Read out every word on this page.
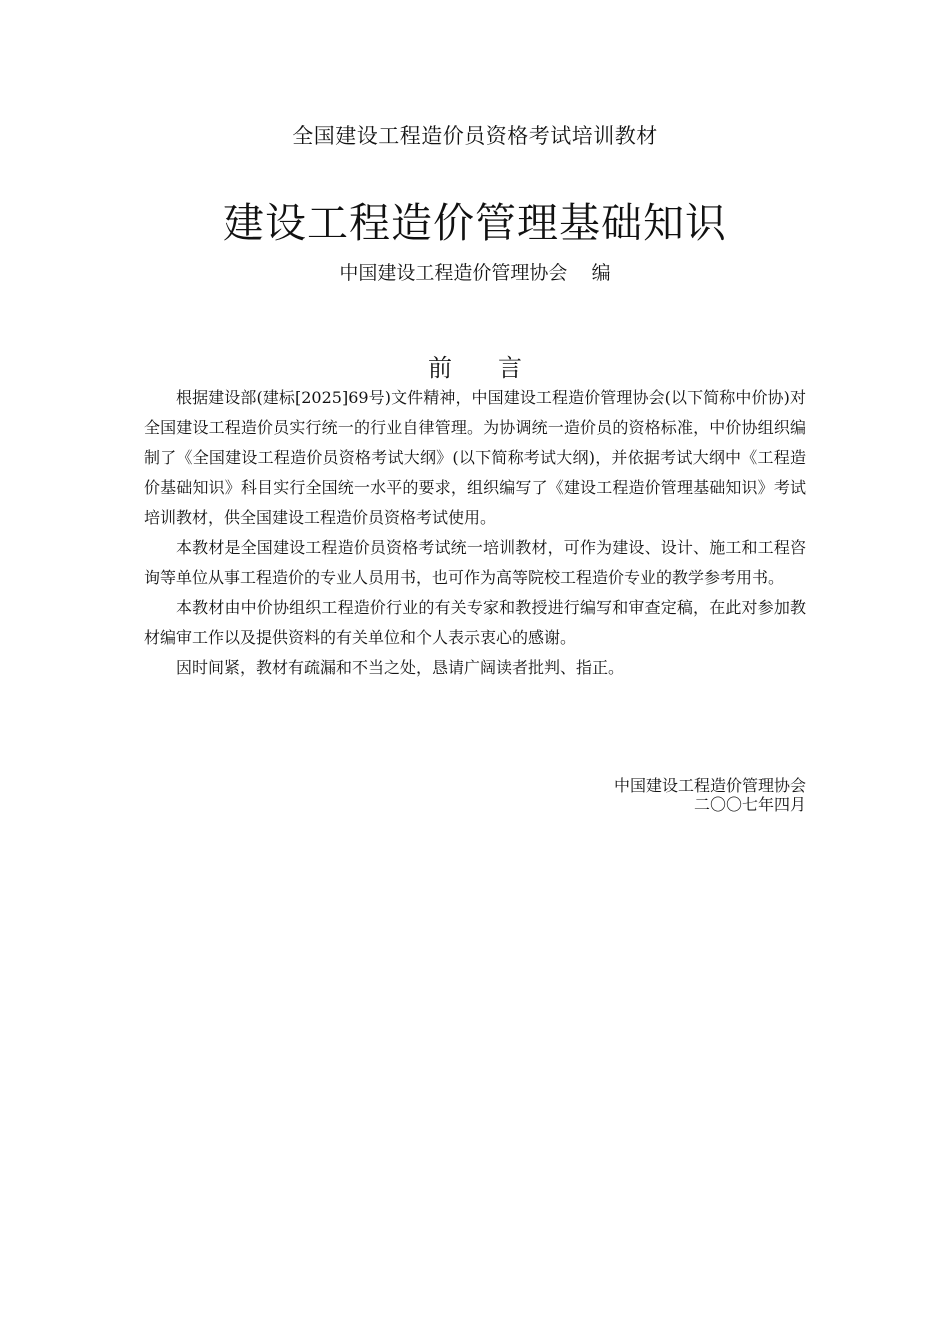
全国建设工程造价员资格考试培训教材
建设工程造价管理基础知识
中国建设工程造价管理协会    编
前言

根据建设部(建标[2025]69号)文件精神，中国建设工程造价管理协会(以下简称中价协)对全国建设工程造价员实行统一的行业自律管理。为协调统一造价员的资格标准，中价协组织编制了《全国建设工程造价员资格考试大纲》(以下简称考试大纲)，并依据考试大纲中《工程造价基础知识》科目实行全国统一水平的要求，组织编写了《建设工程造价管理基础知识》考试培训教材，供全国建设工程造价员资格考试使用。

本教材是全国建设工程造价员资格考试统一培训教材，可作为建设、设计、施工和工程咨询等单位从事工程造价的专业人员用书，也可作为高等院校工程造价专业的教学参考用书。

本教材由中价协组织工程造价行业的有关专家和教授进行编写和审查定稿，在此对参加教材编审工作以及提供资料的有关单位和个人表示衷心的感谢。

因时间紧，教材有疏漏和不当之处，恳请广阔读者批判、指正。

中国建设工程造价管理协会
二〇〇七年四月
